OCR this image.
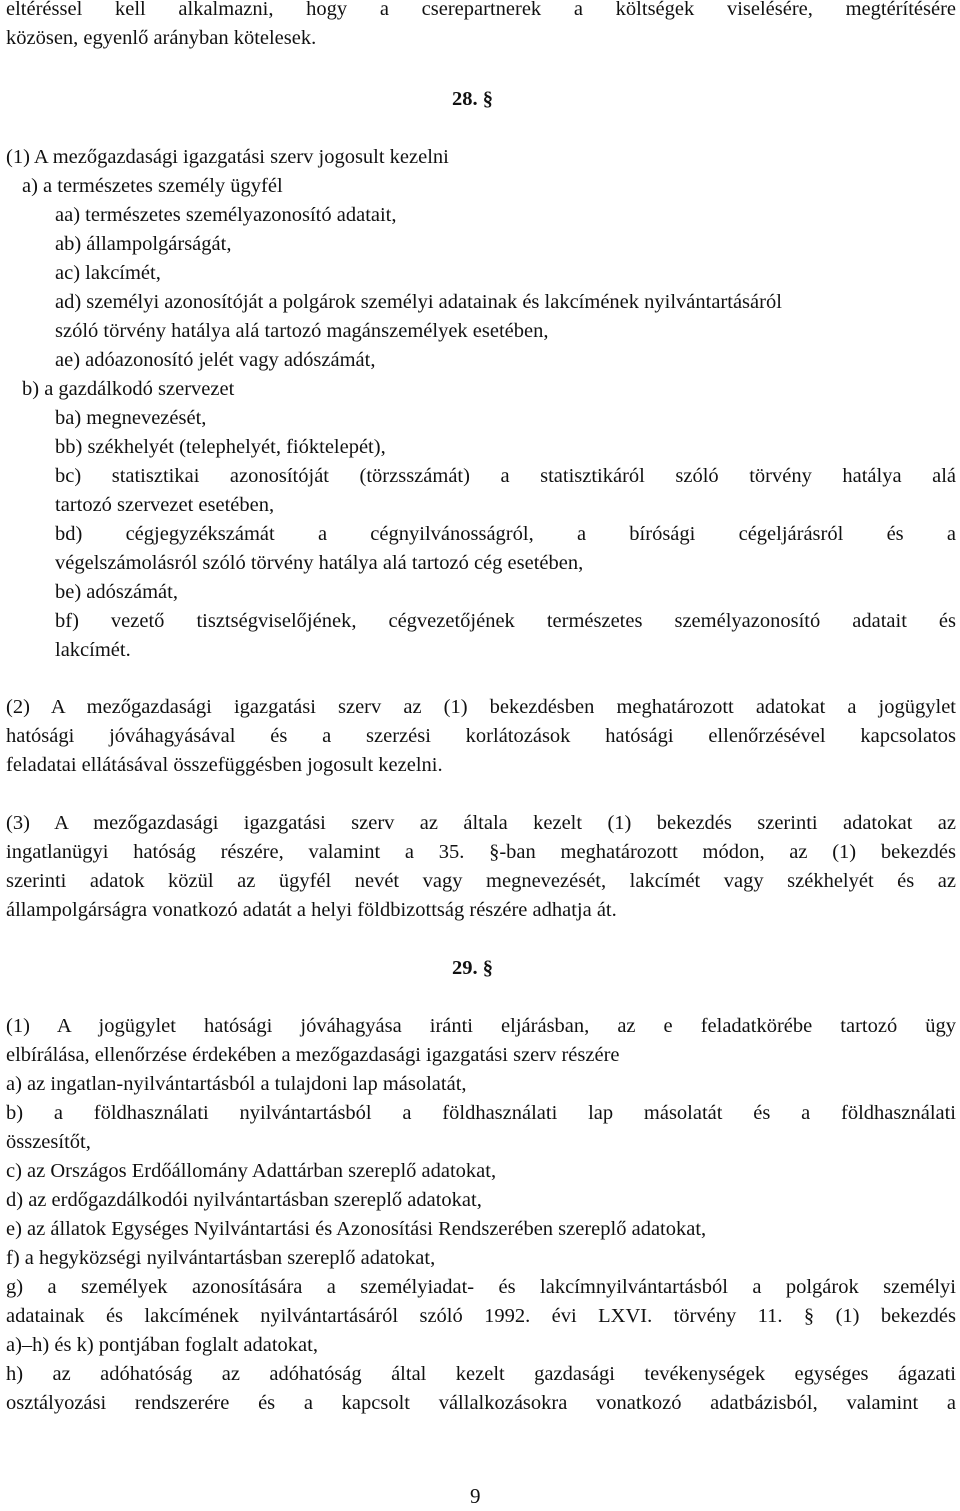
eltéréssel kell alkalmazni, hogy a cserepartnerek a költségek viselésére, megtérítésére
közösen, egyenlő arányban kötelesek.
28. §
(1) A mezőgazdasági igazgatási szerv jogosult kezelni
a) a természetes személy ügyfél
aa) természetes személyazonosító adatait,
ab) állampolgárságát,
ac) lakcímét,
ad) személyi azonosítóját a polgárok személyi adatainak és lakcímének nyilvántartásáról
szóló törvény hatálya alá tartozó magánszemélyek esetében,
ae) adóazonosító jelét vagy adószámát,
b) a gazdálkodó szervezet
ba) megnevezését,
bb) székhelyét (telephelyét, fióktelepét),
bc) statisztikai azonosítóját (törzsszámát) a statisztikáról szóló törvény hatálya alá
tartozó szervezet esetében,
bd) cégjegyzékszámát a cégnyilvánosságról, a bírósági cégeljárásról és a
végelszámolásról szóló törvény hatálya alá tartozó cég esetében,
be) adószámát,
bf) vezető tisztségviselőjének, cégvezetőjének természetes személyazonosító adatait és
lakcímét.
(2) A mezőgazdasági igazgatási szerv az (1) bekezdésben meghatározott adatokat a jogügylet
hatósági jóváhagyásával és a szerzési korlátozások hatósági ellenőrzésével kapcsolatos
feladatai ellátásával összefüggésben jogosult kezelni.
(3) A mezőgazdasági igazgatási szerv az általa kezelt (1) bekezdés szerinti adatokat az
ingatlanügyi hatóság részére, valamint a 35. §-ban meghatározott módon, az (1) bekezdés
szerinti adatok közül az ügyfél nevét vagy megnevezését, lakcímét vagy székhelyét és az
állampolgárságra vonatkozó adatát a helyi földbizottság részére adhatja át.
29. §
(1) A jogügylet hatósági jóváhagyása iránti eljárásban, az e feladatkörébe tartozó ügy
elbírálása, ellenőrzése érdekében a mezőgazdasági igazgatási szerv részére
a) az ingatlan-nyilvántartásból a tulajdoni lap másolatát,
b) a földhasználati nyilvántartásból a földhasználati lap másolatát és a földhasználati
összesítőt,
c) az Országos Erdőállomány Adattárban szereplő adatokat,
d) az erdőgazdálkodói nyilvántartásban szereplő adatokat,
e) az állatok Egységes Nyilvántartási és Azonosítási Rendszerében szereplő adatokat,
f) a hegyközségi nyilvántartásban szereplő adatokat,
g) a személyek azonosítására a személyiadat- és lakcímnyilvántartásból a polgárok személyi
adatainak és lakcímének nyilvántartásáról szóló 1992. évi LXVI. törvény 11. § (1) bekezdés
a)–h) és k) pontjában foglalt adatokat,
h) az adóhatóság az adóhatóság által kezelt gazdasági tevékenységek egységes ágazati
osztályozási rendszerére és a kapcsolt vállalkozásokra vonatkozó adatbázisból, valamint a
9
